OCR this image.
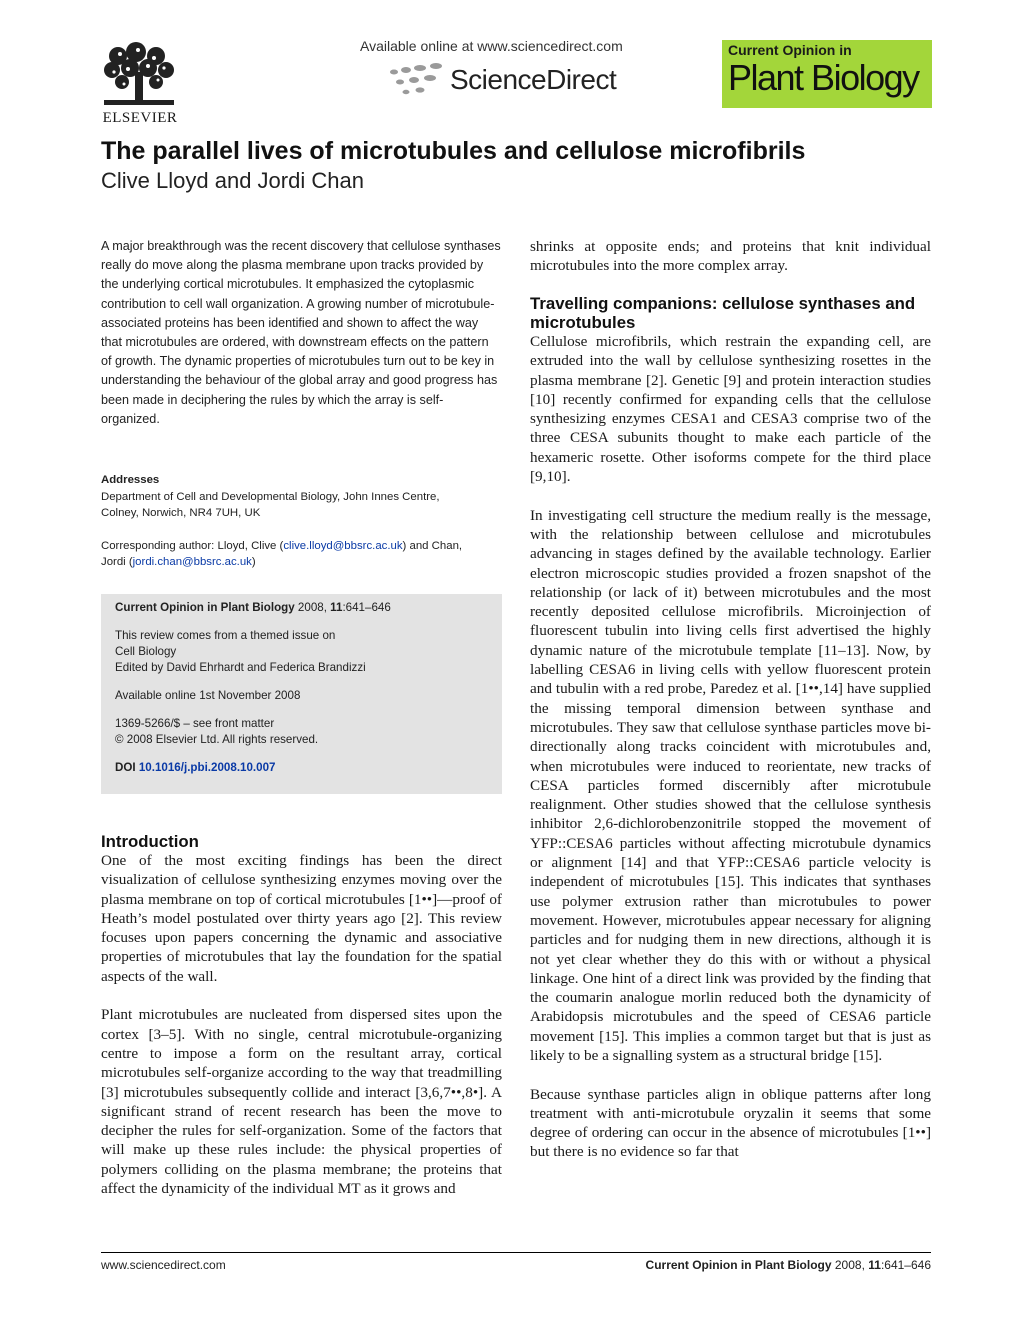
ELSEVIER
Available online at www.sciencedirect.com
ScienceDirect
Current Opinion in
Plant Biology
The parallel lives of microtubules and cellulose microfibrils
Clive Lloyd and Jordi Chan
A major breakthrough was the recent discovery that cellulose synthases really do move along the plasma membrane upon tracks provided by the underlying cortical microtubules. It emphasized the cytoplasmic contribution to cell wall organization. A growing number of microtubule-associated proteins has been identified and shown to affect the way that microtubules are ordered, with downstream effects on the pattern of growth. The dynamic properties of microtubules turn out to be key in understanding the behaviour of the global array and good progress has been made in deciphering the rules by which the array is self-organized.
Addresses
Department of Cell and Developmental Biology, John Innes Centre,
Colney, Norwich, NR4 7UH, UK
Corresponding author: Lloyd, Clive (clive.lloyd@bbsrc.ac.uk) and Chan,
Jordi (jordi.chan@bbsrc.ac.uk)

Current Opinion in Plant Biology 2008, 11:641–646

This review comes from a themed issue on
Cell Biology
Edited by David Ehrhardt and Federica Brandizzi

Available online 1st November 2008

1369-5266/$ – see front matter
© 2008 Elsevier Ltd. All rights reserved.

DOI 10.1016/j.pbi.2008.10.007

Introduction

One of the most exciting findings has been the direct visualization of cellulose synthesizing enzymes moving over the plasma membrane on top of cortical microtubules [1••]—proof of Heath’s model postulated over thirty years ago [2]. This review focuses upon papers concerning the dynamic and associative properties of microtubules that lay the foundation for the spatial aspects of the wall.

Plant microtubules are nucleated from dispersed sites upon the cortex [3–5]. With no single, central microtubule-organizing centre to impose a form on the resultant array, cortical microtubules self-organize according to the way that treadmilling [3] microtubules subsequently collide and interact [3,6,7••,8•]. A significant strand of recent research has been the move to decipher the rules for self-organization. Some of the factors that will make up these rules include: the physical properties of polymers colliding on the plasma membrane; the proteins that affect the dynamicity of the individual MT as it grows and

shrinks at opposite ends; and proteins that knit individual microtubules into the more complex array.
Travelling companions: cellulose synthases and microtubules

Cellulose microfibrils, which restrain the expanding cell, are extruded into the wall by cellulose synthesizing rosettes in the plasma membrane [2]. Genetic [9] and protein interaction studies [10] recently confirmed for expanding cells that the cellulose synthesizing enzymes CESA1 and CESA3 comprise two of the three CESA subunits thought to make each particle of the hexameric rosette. Other isoforms compete for the third place [9,10].

In investigating cell structure the medium really is the message, with the relationship between cellulose and microtubules advancing in stages defined by the available technology. Earlier electron microscopic studies provided a frozen snapshot of the relationship (or lack of it) between microtubules and the most recently deposited cellulose microfibrils. Microinjection of fluorescent tubulin into living cells first advertised the highly dynamic nature of the microtubule template [11–13]. Now, by labelling CESA6 in living cells with yellow fluorescent protein and tubulin with a red probe, Paredez et al. [1••,14] have supplied the missing temporal dimension between synthase and microtubules. They saw that cellulose synthase particles move bi-directionally along tracks coincident with microtubules and, when microtubules were induced to reorientate, new tracks of CESA particles formed discernibly after microtubule realignment. Other studies showed that the cellulose synthesis inhibitor 2,6-dichlorobenzonitrile stopped the movement of YFP::CESA6 particles without affecting microtubule dynamics or alignment [14] and that YFP::CESA6 particle velocity is independent of microtubules [15]. This indicates that synthases use polymer extrusion rather than microtubules to power movement. However, microtubules appear necessary for aligning particles and for nudging them in new directions, although it is not yet clear whether they do this with or without a physical linkage. One hint of a direct link was provided by the finding that the coumarin analogue morlin reduced both the dynamicity of Arabidopsis microtubules and the speed of CESA6 particle movement [15]. This implies a common target but that is just as likely to be a signalling system as a structural bridge [15].

Because synthase particles align in oblique patterns after long treatment with anti-microtubule oryzalin it seems that some degree of ordering can occur in the absence of microtubules [1••] but there is no evidence so far that

www.sciencedirect.com	Current Opinion in Plant Biology 2008, 11:641–646
